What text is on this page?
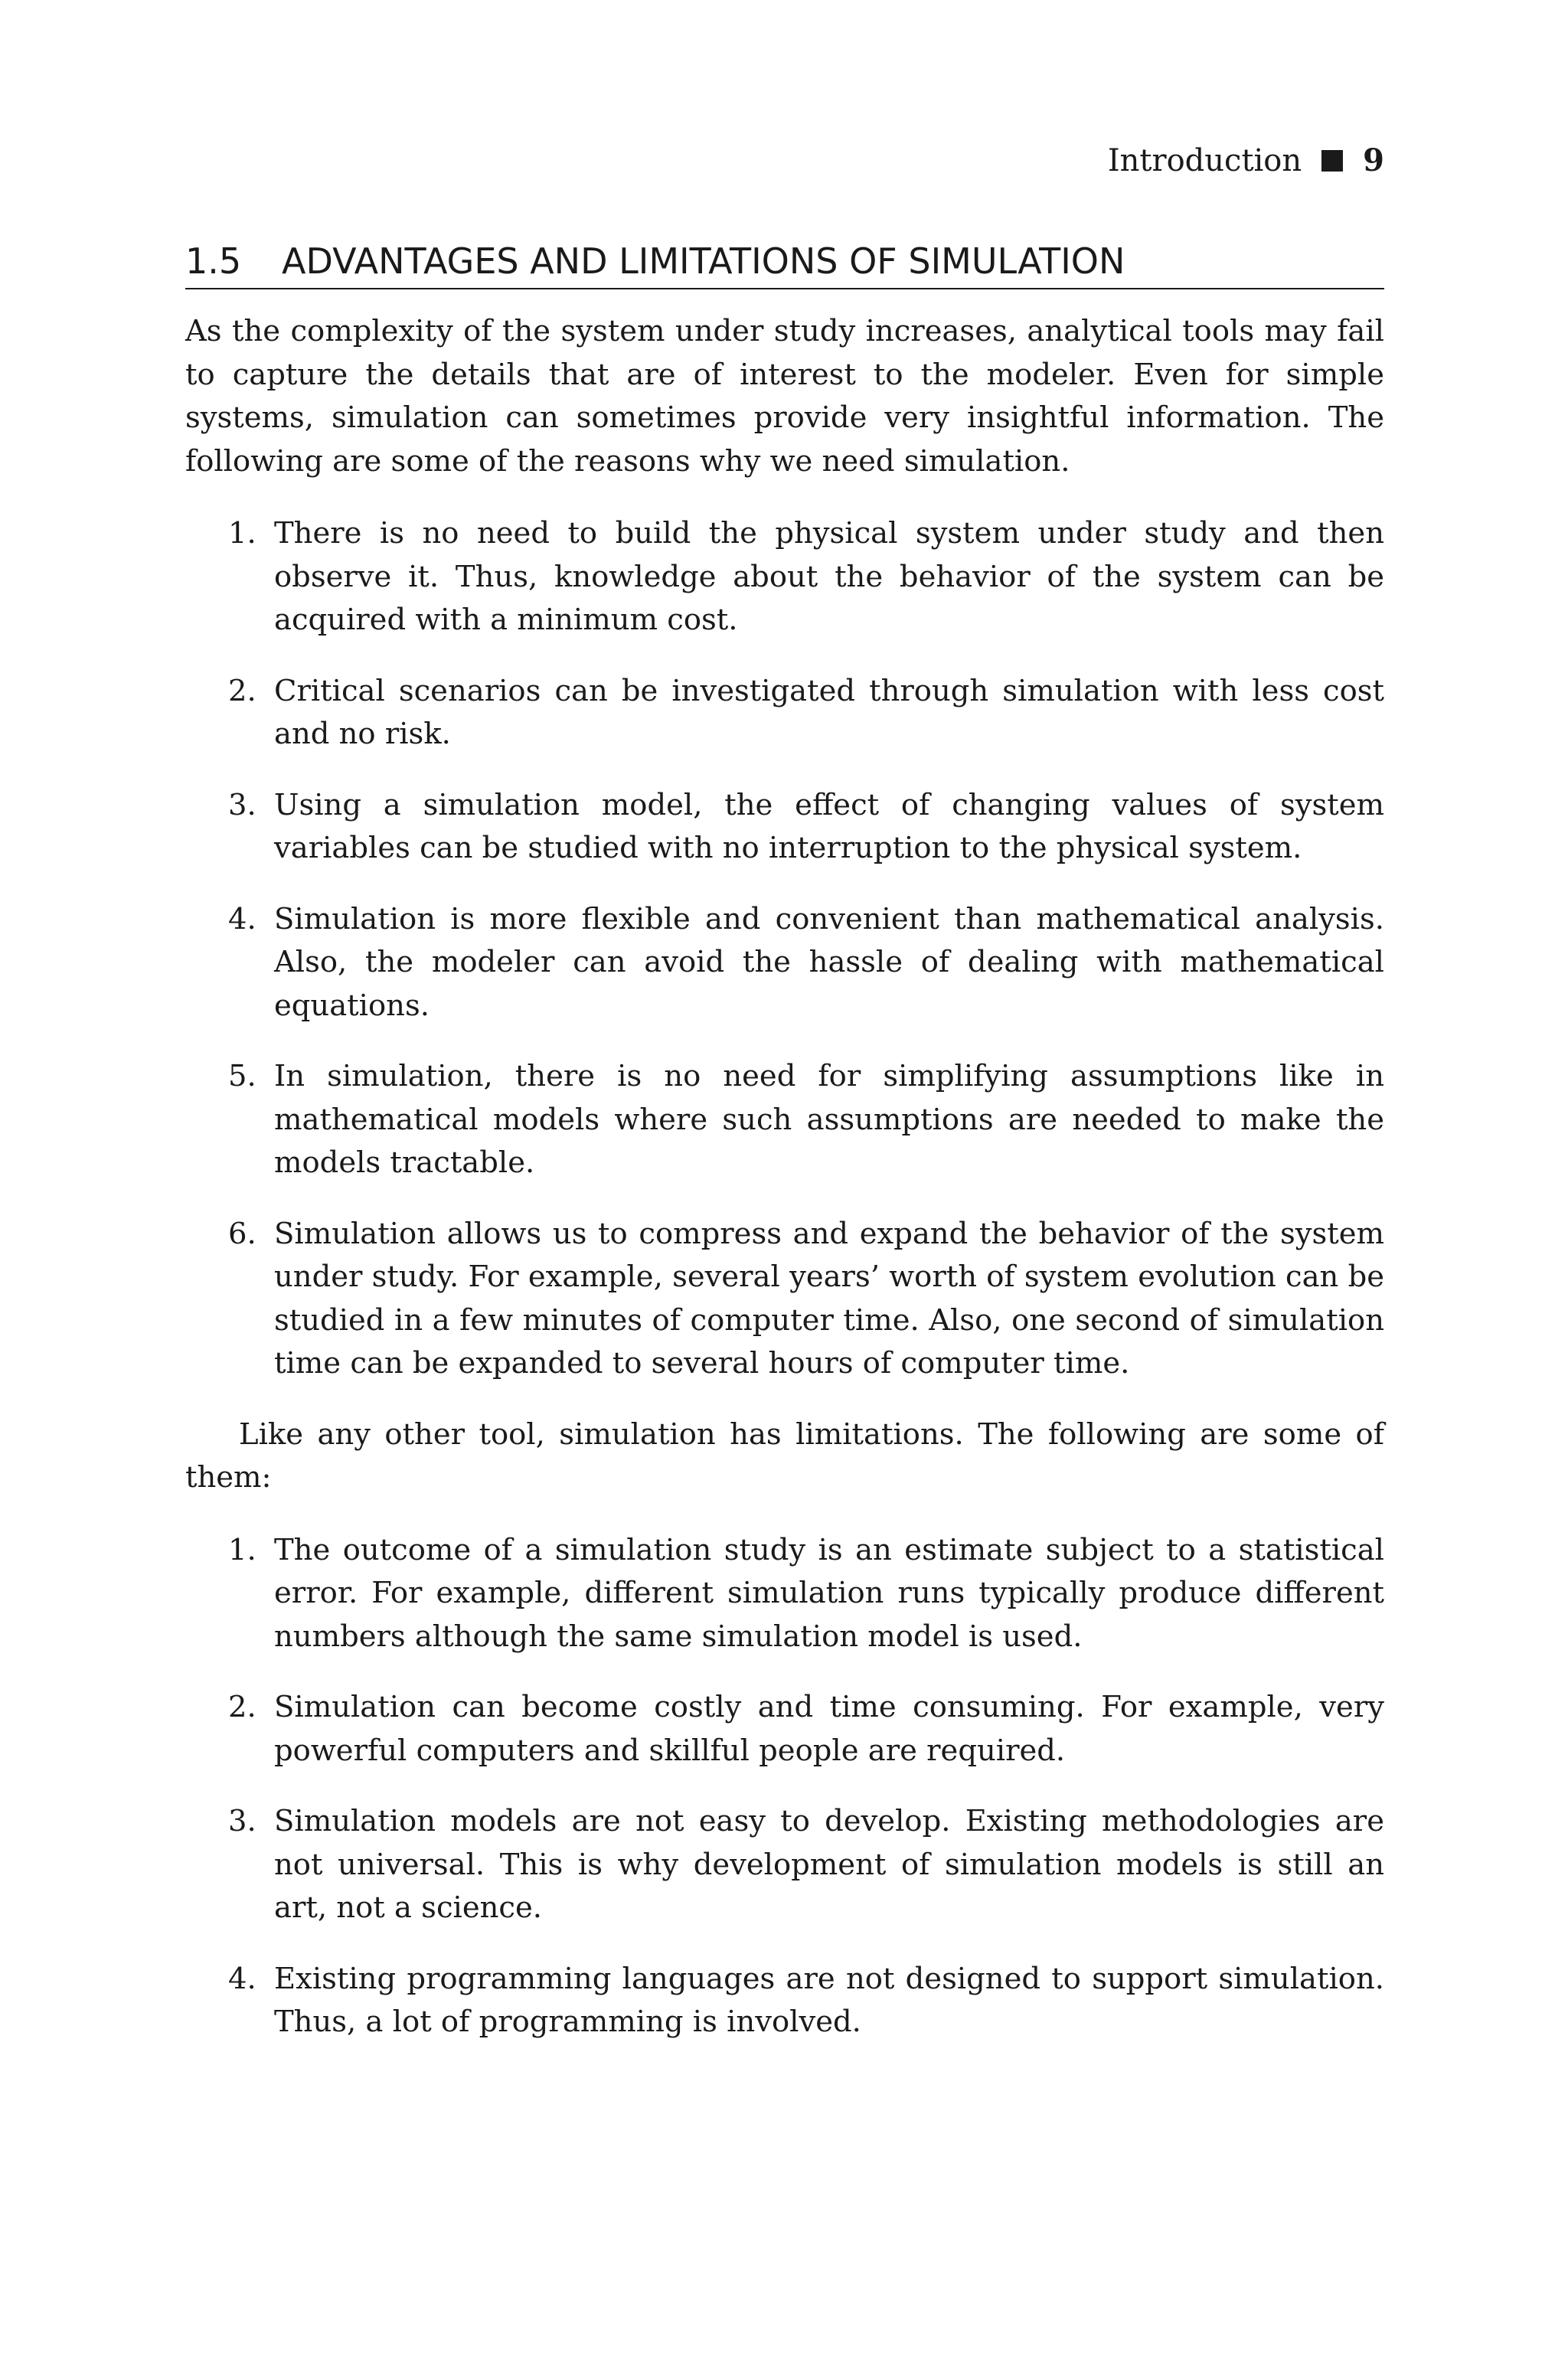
Introduction 9
1.5 ADVANTAGES AND LIMITATIONS OF SIMULATION

As the complexity of the system under study increases, analytical tools may fail to capture the details that are of interest to the modeler. Even for simple systems, simulation can sometimes provide very insightful information. The following are some of the reasons why we need simulation.

1. There is no need to build the physical system under study and then observe it. Thus, knowledge about the behavior of the system can be acquired with a minimum cost.
2. Critical scenarios can be investigated through simulation with less cost and no risk.
3. Using a simulation model, the effect of changing values of system variables can be studied with no interruption to the physical system.
4. Simulation is more flexible and convenient than mathematical analysis. Also, the modeler can avoid the hassle of dealing with mathematical equations.
5. In simulation, there is no need for simplifying assumptions like in mathematical models where such assumptions are needed to make the models tractable.
6. Simulation allows us to compress and expand the behavior of the system under study. For example, several years’ worth of system evolution can be studied in a few minutes of computer time. Also, one second of simulation time can be expanded to several hours of computer time.

Like any other tool, simulation has limitations. The following are some of them:

1. The outcome of a simulation study is an estimate subject to a statistical error. For example, different simulation runs typically produce different numbers although the same simulation model is used.
2. Simulation can become costly and time consuming. For example, very powerful computers and skillful people are required.
3. Simulation models are not easy to develop. Existing methodologies are not universal. This is why development of simulation models is still an art, not a science.
4. Existing programming languages are not designed to support simulation. Thus, a lot of programming is involved.
